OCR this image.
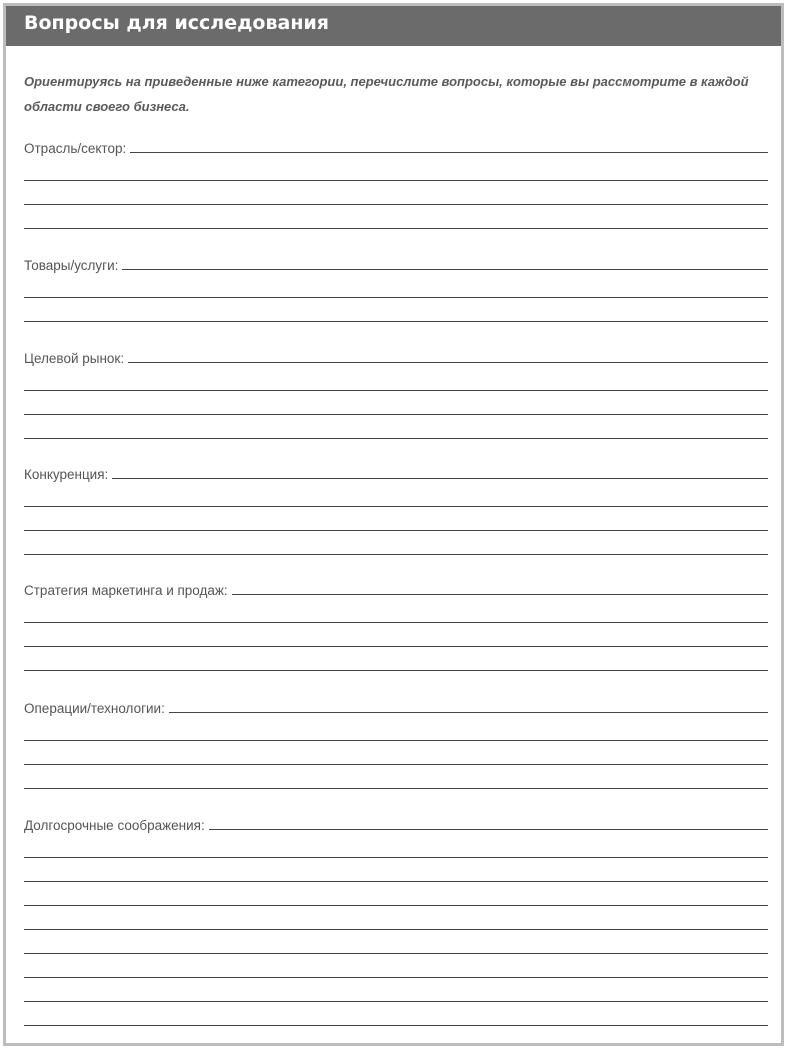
Вопросы для исследования
Ориентируясь на приведенные ниже категории, перечислите вопросы, которые вы рассмотрите в каждой области своего бизнеса.
Отрасль/сектор:
Товары/услуги:
Целевой рынок:
Конкуренция:
Стратегия маркетинга и продаж:
Операции/технологии:
Долгосрочные соображения:
